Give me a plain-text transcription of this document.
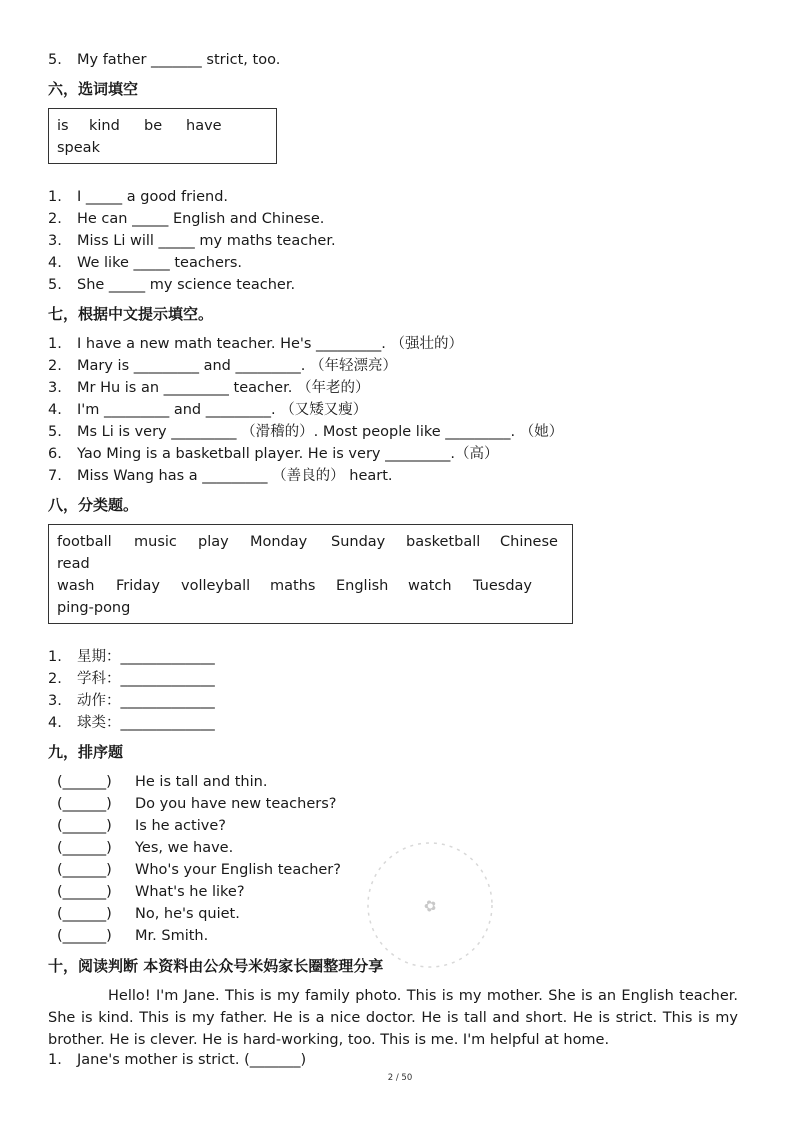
5. My father _______ strict, too.
六，选词填空
is kind be have
speak
1. I _____ a good friend.
2. He can _____ English and Chinese.
3. Miss Li will _____ my maths teacher.
4. We like _____ teachers.
5. She _____ my science teacher.
七，根据中文提示填空。
1. I have a new math teacher. He's _________. （强壮的）
2. Mary is _________ and _________. （年轻漂亮）
3. Mr Hu is an _________ teacher. （年老的）
4. I'm _________ and _________. （又矮又瘦）
5. Ms Li is very _________ （滑稽的）. Most people like _________. （她）
6. Yao Ming is a basketball player. He is very _________.（高）
7. Miss Wang has a _________ （善良的） heart.
八，分类题。
football music play Monday Sunday basketball Chinese
read
wash Friday volleyball maths English watch Tuesday
ping-pong
1. 星期：_____________
2. 学科：_____________
3. 动作：_____________
4. 球类：_____________
九，排序题
(______) He is tall and thin.
(______) Do you have new teachers?
(______) Is he active?
(______) Yes, we have.
(______) Who's your English teacher?
(______) What's he like?
(______) No, he's quiet.
(______) Mr. Smith.
✿
十，阅读判断 本资料由公众号米妈家长圈整理分享
Hello! I'm Jane. This is my family photo. This is my mother. She is an English teacher. She is kind. This is my father. He is a nice doctor. He is tall and short. He is strict. This is my brother. He is clever. He is hard-working, too. This is me. I'm helpful at home.
1. Jane's mother is strict. (_______)
2 / 50
